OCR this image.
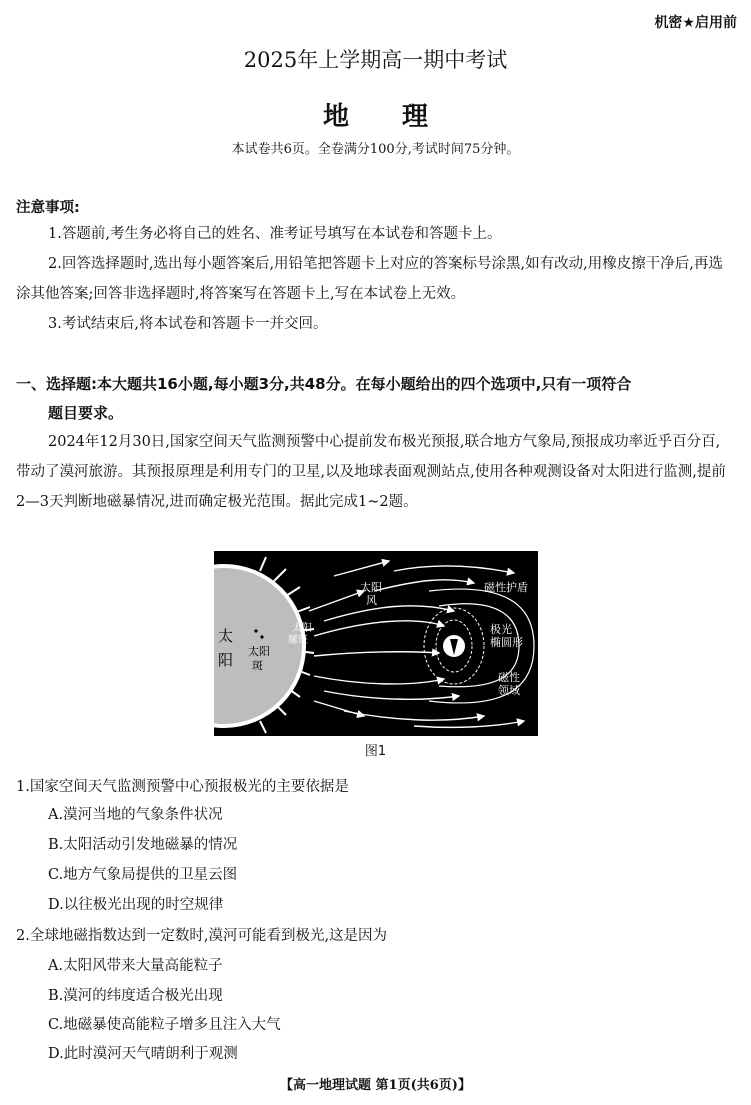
机密★启用前
2025年上学期高一期中考试
地 理
本试卷共6页。全卷满分100分,考试时间75分钟。
注意事项:
1.答题前,考生务必将自己的姓名、准考证号填写在本试卷和答题卡上。
2.回答选择题时,选出每小题答案后,用铅笔把答题卡上对应的答案标号涂黑,如有改动,用橡皮擦干净后,再选涂其他答案;回答非选择题时,将答案写在答题卡上,写在本试卷上无效。
3.考试结束后,将本试卷和答题卡一并交回。
一、选择题:本大题共16小题,每小题3分,共48分。在每小题给出的四个选项中,只有一项符合
题目要求。
2024年12月30日,国家空间天气监测预警中心提前发布极光预报,联合地方气象局,预报成功率近乎百分百,带动了漠河旅游。其预报原理是利用专门的卫星,以及地球表面观测站点,使用各种观测设备对太阳进行监测,提前2—3天判断地磁暴情况,进而确定极光范围。据此完成1~2题。
太
阳 太阳
斑
太阳
风
太阳
耀斑
磁性护盾
极光
椭圆形
磁性
领域
图1
1.国家空间天气监测预警中心预报极光的主要依据是
A.漠河当地的气象条件状况
B.太阳活动引发地磁暴的情况
C.地方气象局提供的卫星云图
D.以往极光出现的时空规律
2.全球地磁指数达到一定数时,漠河可能看到极光,这是因为
A.太阳风带来大量高能粒子
B.漠河的纬度适合极光出现
C.地磁暴使高能粒子增多且注入大气
D.此时漠河天气晴朗利于观测
【高一地理试题 第1页(共6页)】
